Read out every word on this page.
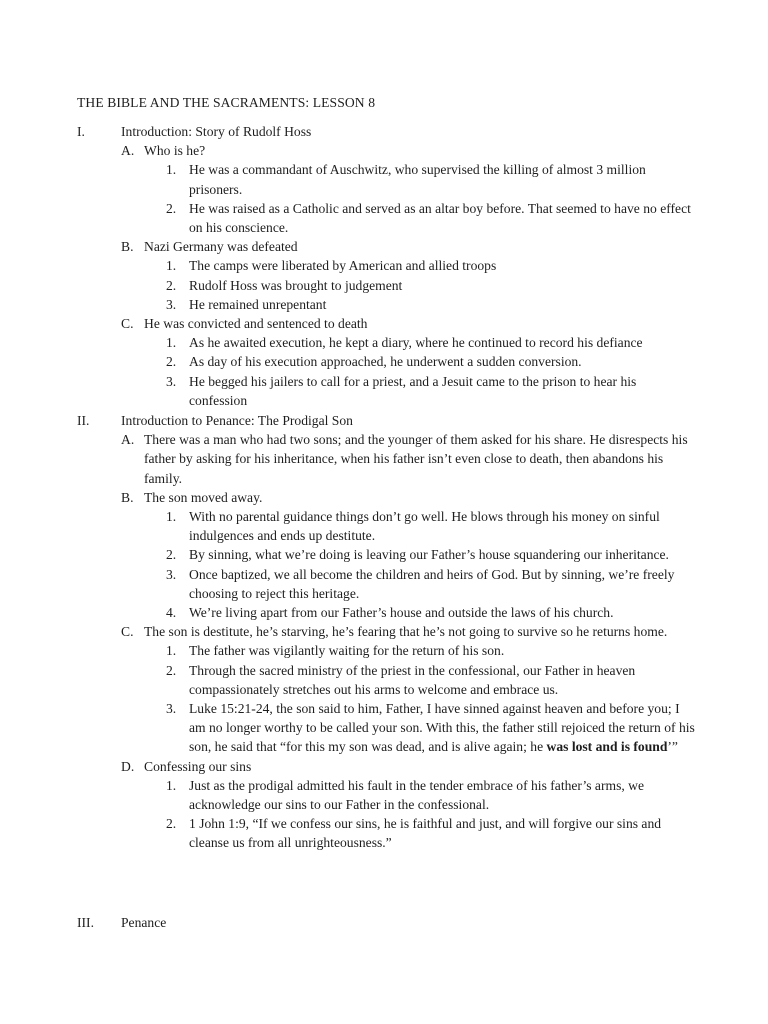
THE BIBLE AND THE SACRAMENTS: LESSON 8
I.	Introduction: Story of Rudolf Hoss
A. Who is he?
1. He was a commandant of Auschwitz, who supervised the killing of almost 3 million prisoners.
2. He was raised as a Catholic and served as an altar boy before. That seemed to have no effect on his conscience.
B. Nazi Germany was defeated
1. The camps were liberated by American and allied troops
2. Rudolf Hoss was brought to judgement
3. He remained unrepentant
C. He was convicted and sentenced to death
1. As he awaited execution, he kept a diary, where he continued to record his defiance
2. As day of his execution approached, he underwent a sudden conversion.
3. He begged his jailers to call for a priest, and a Jesuit came to the prison to hear his confession
II.	Introduction to Penance: The Prodigal Son
A. There was a man who had two sons; and the younger of them asked for his share. He disrespects his father by asking for his inheritance, when his father isn’t even close to death, then abandons his family.
B. The son moved away.
1. With no parental guidance things don’t go well. He blows through his money on sinful indulgences and ends up destitute.
2. By sinning, what we’re doing is leaving our Father’s house squandering our inheritance.
3. Once baptized, we all become the children and heirs of God. But by sinning, we’re freely choosing to reject this heritage.
4. We’re living apart from our Father’s house and outside the laws of his church.
C. The son is destitute, he’s starving, he’s fearing that he’s not going to survive so he returns home.
1. The father was vigilantly waiting for the return of his son.
2. Through the sacred ministry of the priest in the confessional, our Father in heaven compassionately stretches out his arms to welcome and embrace us.
3. Luke 15:21-24, the son said to him, Father, I have sinned against heaven and before you; I am no longer worthy to be called your son. With this, the father still rejoiced the return of his son, he said that “for this my son was dead, and is alive again; he was lost and is found’”
D. Confessing our sins
1. Just as the prodigal admitted his fault in the tender embrace of his father’s arms, we acknowledge our sins to our Father in the confessional.
2. 1 John 1:9, “If we confess our sins, he is faithful and just, and will forgive our sins and cleanse us from all unrighteousness.”
III.	Penance
